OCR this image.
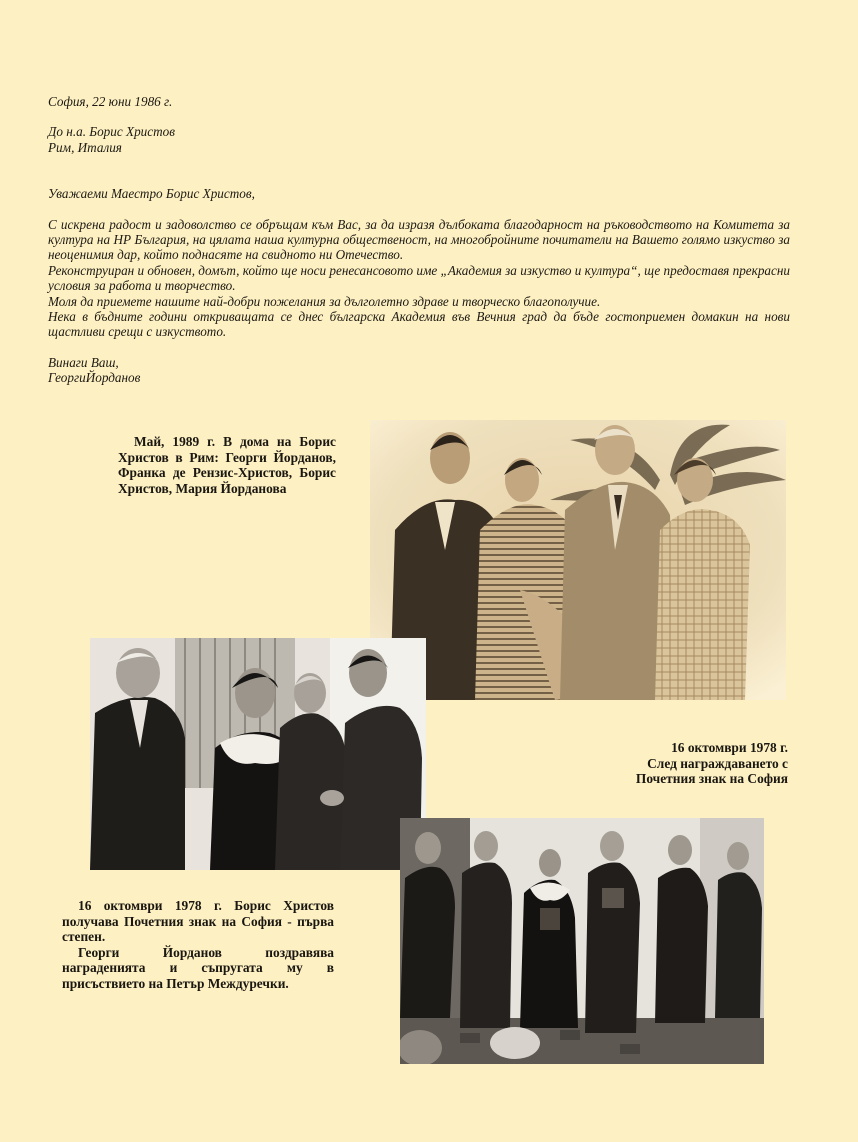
София, 22 юни 1986 г.

До н.а. Борис Христов

Рим, Италия

Уважаеми Маестро Борис Христов,

С искрена радост и задоволство се обръщам към Вас, за да изразя дълбоката благодарност на ръководството на Комитета за култура на НР България, на цялата наша културна общественост, на многобройните почитатели на Вашето голямо изкуство за неоценимия дар, който поднасяте на свидното ни Отечество.

Реконструиран и обновен, домът, който ще носи ренесансовото име „Академия за изкуство и култура“, ще предоставя прекрасни условия за работа и творчество.

Моля да приемете нашите най-добри пожелания за дълголетно здраве и творческо благополучие.

Нека в бъдните години откриващата се днес българска Академия във Вечния град да бъде гостоприемен домакин на нови щастливи срещи с изкуството.

Винаги Ваш,

ГеоргиЙорданов

Май, 1989 г. В дома на Борис Христов в Рим: Георги Йорданов, Франка де Рензис-Христов, Борис Христов, Мария Йорданова

16 октомври 1978 г.

След награждаването с

Почетния знак на София

16 октомври 1978 г. Борис Христов получава Почетния знак на София - първа степен.

Георги Йорданов поздравява награденията и съпругата му в присъствието на Петър Междуречки.
